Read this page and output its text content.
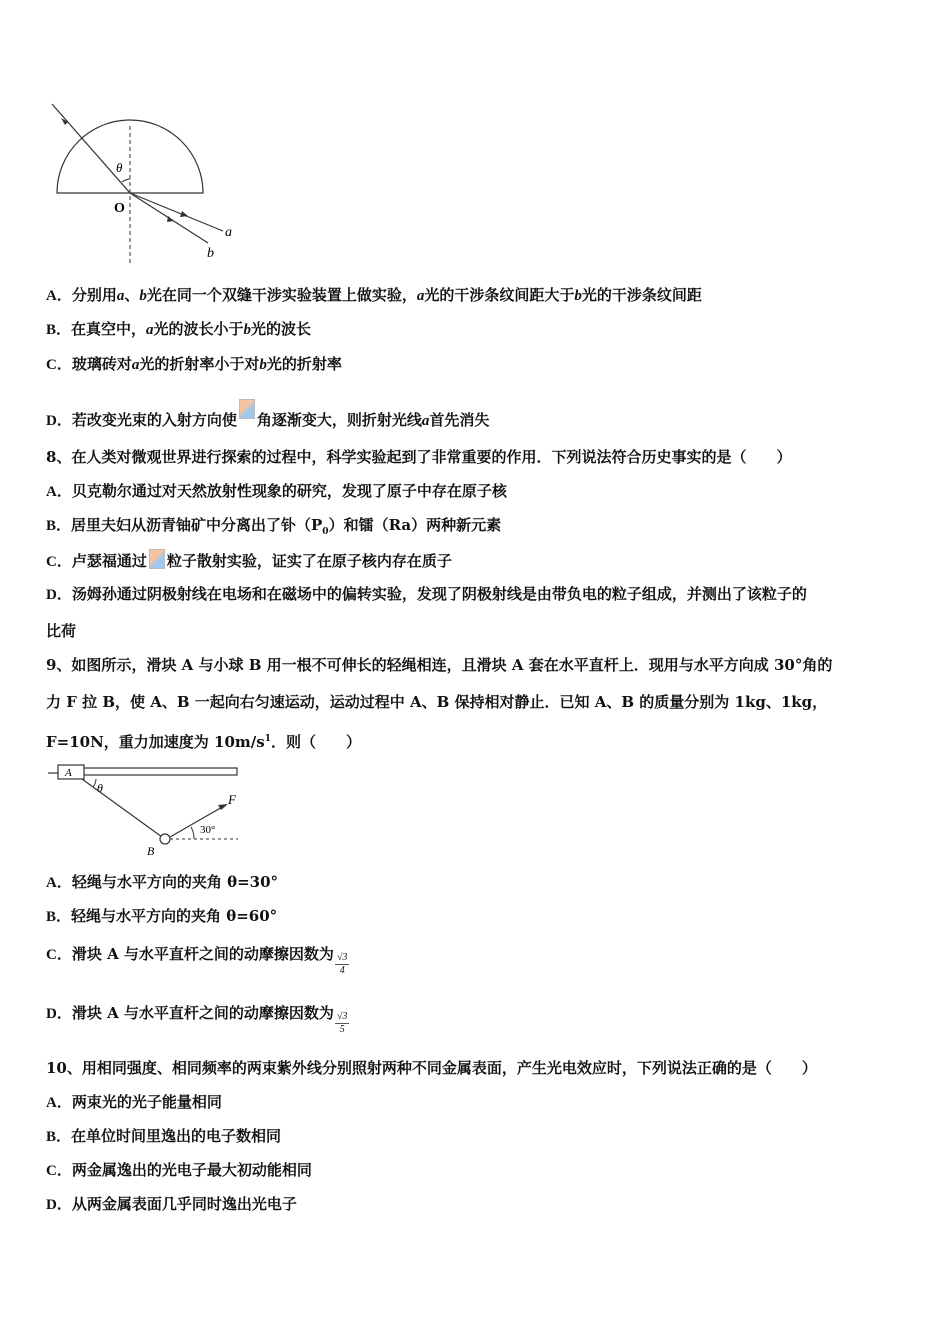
θ
O
a
b
A．分别用a、b光在同一个双缝干涉实验装置上做实验，a光的干涉条纹间距大于b光的干涉条纹间距
B．在真空中，a光的波长小于b光的波长
C．玻璃砖对a光的折射率小于对b光的折射率
D．若改变光束的入射方向使 角逐渐变大，则折射光线a首先消失
8、在人类对微观世界进行探索的过程中，科学实验起到了非常重要的作用．下列说法符合历史事实的是（　　）
A．贝克勒尔通过对天然放射性现象的研究，发现了原子中存在原子核
B．居里夫妇从沥青铀矿中分离出了钋$(P_0)$和镭（Ra）两种新元素
C．卢瑟福通过 粒子散射实验，证实了在原子核内存在质子
D．汤姆孙通过阴极射线在电场和在磁场中的偏转实验，发现了阴极射线是由带负电的粒子组成，并测出了该粒子的
比荷
9、如图所示，滑块 A 与小球 B 用一根不可伸长的轻绳相连，且滑块 A 套在水平直杆上．现用与水平方向成 30°角的
力 F 拉 B，使 A、B 一起向右匀速运动，运动过程中 A、B 保持相对静止．已知 A、B 的质量分别为 1kg、1kg，
F=10N，重力加速度为 $10m/s^1$．则（　　）
A
θ
B
F
30°
A．轻绳与水平方向的夹角 θ=30°
B．轻绳与水平方向的夹角 θ=60°
C．滑块 A 与水平直杆之间的动摩擦因数为 $\frac{√3}{4}$
D．滑块 A 与水平直杆之间的动摩擦因数为 $\frac{√3}{5}$
10、用相同强度、相同频率的两束紫外线分别照射两种不同金属表面，产生光电效应时，下列说法正确的是（　　）
A．两束光的光子能量相同
B．在单位时间里逸出的电子数相同
C．两金属逸出的光电子最大初动能相同
D．从两金属表面几乎同时逸出光电子
